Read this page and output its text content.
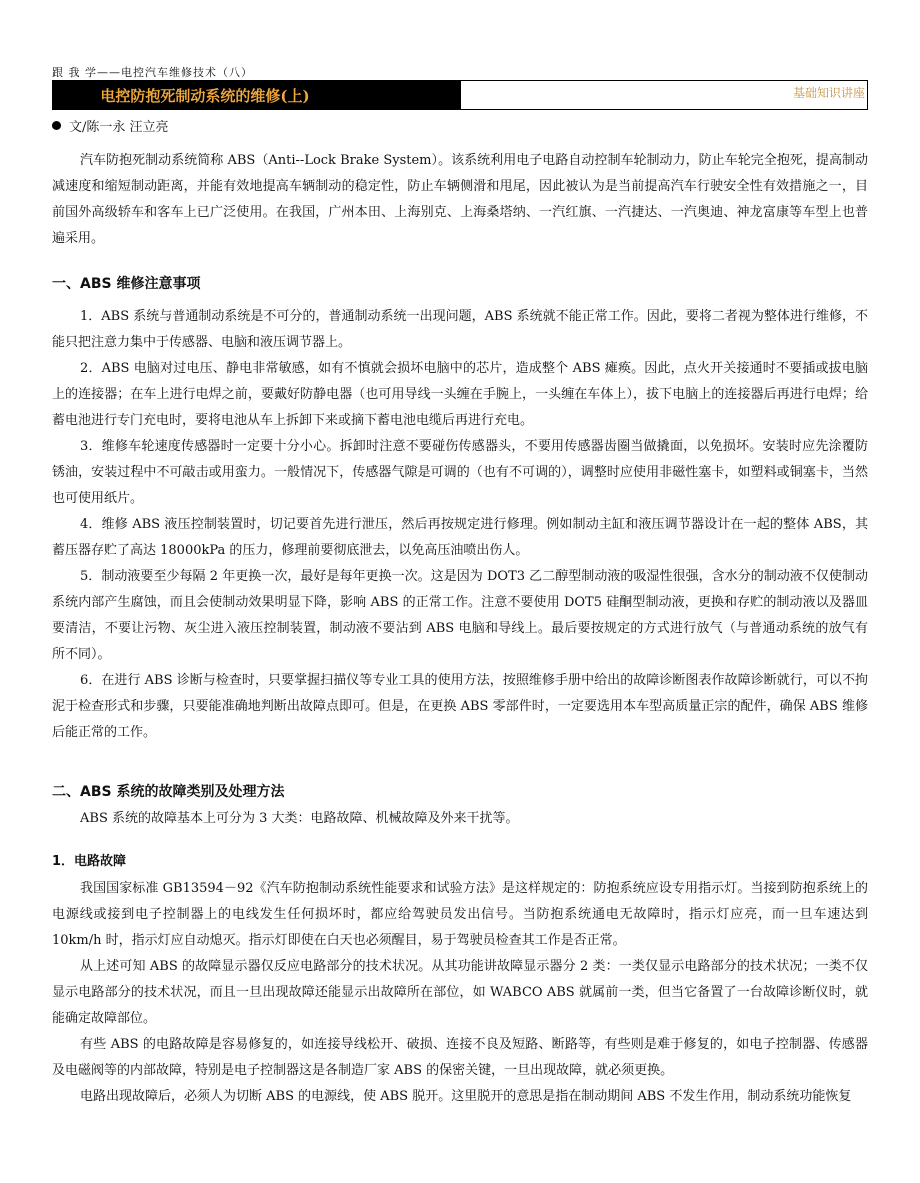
跟 我 学——电控汽车维修技术（八）
电控防抱死制动系统的维修(上)	基础知识讲座
文/陈一永 汪立亮

汽车防抱死制动系统简称 ABS（Anti--Lock Brake System）。该系统利用电子电路自动控制车轮制动力，防止车轮完全抱死，提高制动减速度和缩短制动距离，并能有效地提高车辆制动的稳定性，防止车辆侧滑和甩尾，因此被认为是当前提高汽车行驶安全性有效措施之一，目前国外高级轿车和客车上已广泛使用。在我国，广州本田、上海别克、上海桑塔纳、一汽红旗、一汽捷达、一汽奥迪、神龙富康等车型上也普遍采用。

一、ABS 维修注意事项

1．ABS 系统与普通制动系统是不可分的，普通制动系统一出现问题，ABS 系统就不能正常工作。因此，要将二者视为整体进行维修，不能只把注意力集中于传感器、电脑和液压调节器上。

2．ABS 电脑对过电压、静电非常敏感，如有不慎就会损坏电脑中的芯片，造成整个 ABS 瘫痪。因此，点火开关接通时不要插或拔电脑上的连接器；在车上进行电焊之前，要戴好防静电器（也可用导线一头缠在手腕上，一头缠在车体上），拔下电脑上的连接器后再进行电焊；给蓄电池进行专门充电时，要将电池从车上拆卸下来或摘下蓄电池电缆后再进行充电。

3．维修车轮速度传感器时一定要十分小心。拆卸时注意不要碰伤传感器头，不要用传感器齿圈当做撬面，以免损坏。安装时应先涂覆防锈油，安装过程中不可敲击或用蛮力。一般情况下，传感器气隙是可调的（也有不可调的），调整时应使用非磁性塞卡，如塑料或铜塞卡，当然也可使用纸片。

4．维修 ABS 液压控制装置时，切记要首先进行泄压，然后再按规定进行修理。例如制动主缸和液压调节器设计在一起的整体 ABS，其蓄压器存贮了高达 18000kPa 的压力，修理前要彻底泄去，以免高压油喷出伤人。

5．制动液要至少每隔 2 年更换一次，最好是每年更换一次。这是因为 DOT3 乙二醇型制动液的吸湿性很强，含水分的制动液不仅使制动系统内部产生腐蚀，而且会使制动效果明显下降，影响 ABS 的正常工作。注意不要使用 DOT5 硅酮型制动液，更换和存贮的制动液以及器皿要清洁，不要让污物、灰尘进入液压控制装置，制动液不要沾到 ABS 电脑和导线上。最后要按规定的方式进行放气（与普通动系统的放气有所不同）。

6．在进行 ABS 诊断与检查时，只要掌握扫描仪等专业工具的使用方法，按照维修手册中给出的故障诊断图表作故障诊断就行，可以不拘泥于检查形式和步骤，只要能准确地判断出故障点即可。但是，在更换 ABS 零部件时，一定要选用本车型高质量正宗的配件，确保 ABS 维修后能正常的工作。

二、ABS 系统的故障类别及处理方法

ABS 系统的故障基本上可分为 3 大类：电路故障、机械故障及外来干扰等。

1．电路故障

我国国家标准 GB13594－92《汽车防抱制动系统性能要求和试验方法》是这样规定的：防抱系统应设专用指示灯。当接到防抱系统上的电源线或接到电子控制器上的电线发生任何损坏时，都应给驾驶员发出信号。当防抱系统通电无故障时，指示灯应亮，而一旦车速达到 10km/h 时，指示灯应自动熄灭。指示灯即使在白天也必须醒目，易于驾驶员检查其工作是否正常。

从上述可知 ABS 的故障显示器仅反应电路部分的技术状况。从其功能讲故障显示器分 2 类：一类仅显示电路部分的技术状况；一类不仅显示电路部分的技术状况，而且一旦出现故障还能显示出故障所在部位，如 WABCO ABS 就属前一类，但当它备置了一台故障诊断仪时，就能确定故障部位。

有些 ABS 的电路故障是容易修复的，如连接导线松开、破损、连接不良及短路、断路等，有些则是难于修复的，如电子控制器、传感器及电磁阀等的内部故障，特别是电子控制器这是各制造厂家 ABS 的保密关键，一旦出现故障，就必须更换。

电路出现故障后，必须人为切断 ABS 的电源线，使 ABS 脱开。这里脱开的意思是指在制动期间 ABS 不发生作用，制动系统功能恢复
